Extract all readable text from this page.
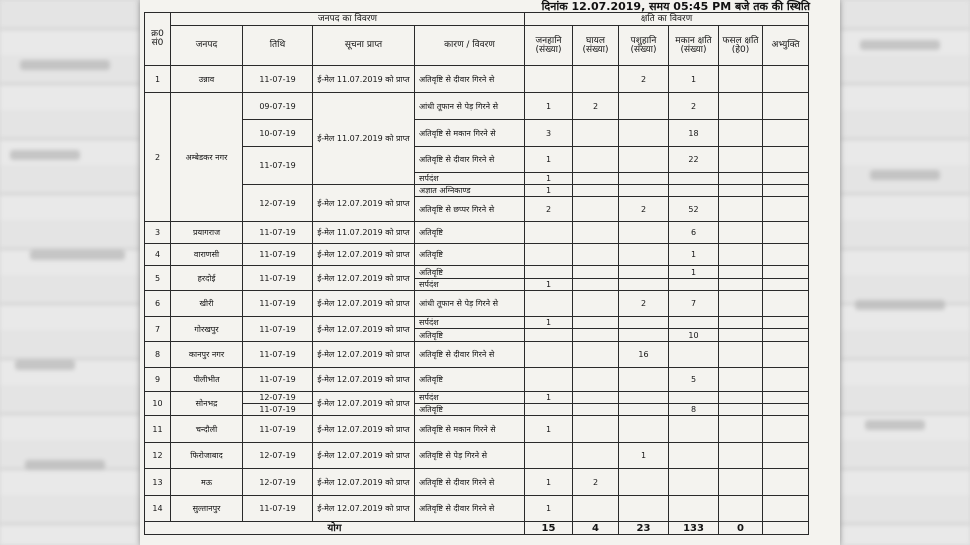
दिनांक 12.07.2019, समय 05:45 PM बजे तक की स्थिति
क्र0 सं0	जनपद का विवरण				क्षति का विवरण					
	जनपद	तिथि	सूचना प्राप्त	कारण / विवरण	जनहानि (संख्या)	घायल (संख्या)	पशुहानि (संख्या)	मकान क्षति (संख्या)	फसल क्षति (हे0)	अभ्युक्ति
1	उन्नाव	11-07-19	ई-मेल 11.07.2019 को प्राप्त	अतिवृष्टि से दीवार गिरने से			2	1		
2	अम्बेडकर नगर	09-07-19	ई-मेल 11.07.2019 को प्राप्त	आंधी तूफान से पेड़ गिरने से	1	2		2		
		10-07-19		अतिवृष्टि से मकान गिरने से	3			18		
		11-07-19		अतिवृष्टि से दीवार गिरने से	1			22		
				सर्पदंश	1					
		12-07-19	ई-मेल 12.07.2019 को प्राप्त	अज्ञात अग्निकाण्ड	1					
				अतिवृष्टि से छप्पर गिरने से	2		2	52		
3	प्रयागराज	11-07-19	ई-मेल 11.07.2019 को प्राप्त	अतिवृष्टि				6		
4	वाराणसी	11-07-19	ई-मेल 12.07.2019 को प्राप्त	अतिवृष्टि				1		
5	हरदोई	11-07-19	ई-मेल 12.07.2019 को प्राप्त	अतिवृष्टि				1		
				सर्पदंश	1					
6	खीरी	11-07-19	ई-मेल 12.07.2019 को प्राप्त	आंधी तूफान से पेड़ गिरने से			2	7		
7	गोरखपुर	11-07-19	ई-मेल 12.07.2019 को प्राप्त	सर्पदंश	1					
				अतिवृष्टि				10		
8	कानपुर नगर	11-07-19	ई-मेल 12.07.2019 को प्राप्त	अतिवृष्टि से दीवार गिरने से			16			
9	पीलीभीत	11-07-19	ई-मेल 12.07.2019 को प्राप्त	अतिवृष्टि				5		
10	सोनभद्र	12-07-19	ई-मेल 12.07.2019 को प्राप्त	सर्पदंश	1					
		11-07-19		अतिवृष्टि				8		
11	चन्दौली	11-07-19	ई-मेल 12.07.2019 को प्राप्त	अतिवृष्टि से मकान गिरने से	1					
12	फिरोजाबाद	12-07-19	ई-मेल 12.07.2019 को प्राप्त	अतिवृष्टि से पेड़ गिरने से			1			
13	मऊ	12-07-19	ई-मेल 12.07.2019 को प्राप्त	अतिवृष्टि से दीवार गिरने से	1	2				
14	सुल्तानपुर	11-07-19	ई-मेल 12.07.2019 को प्राप्त	अतिवृष्टि से दीवार गिरने से	1					
योग					15	4	23	133	0	
